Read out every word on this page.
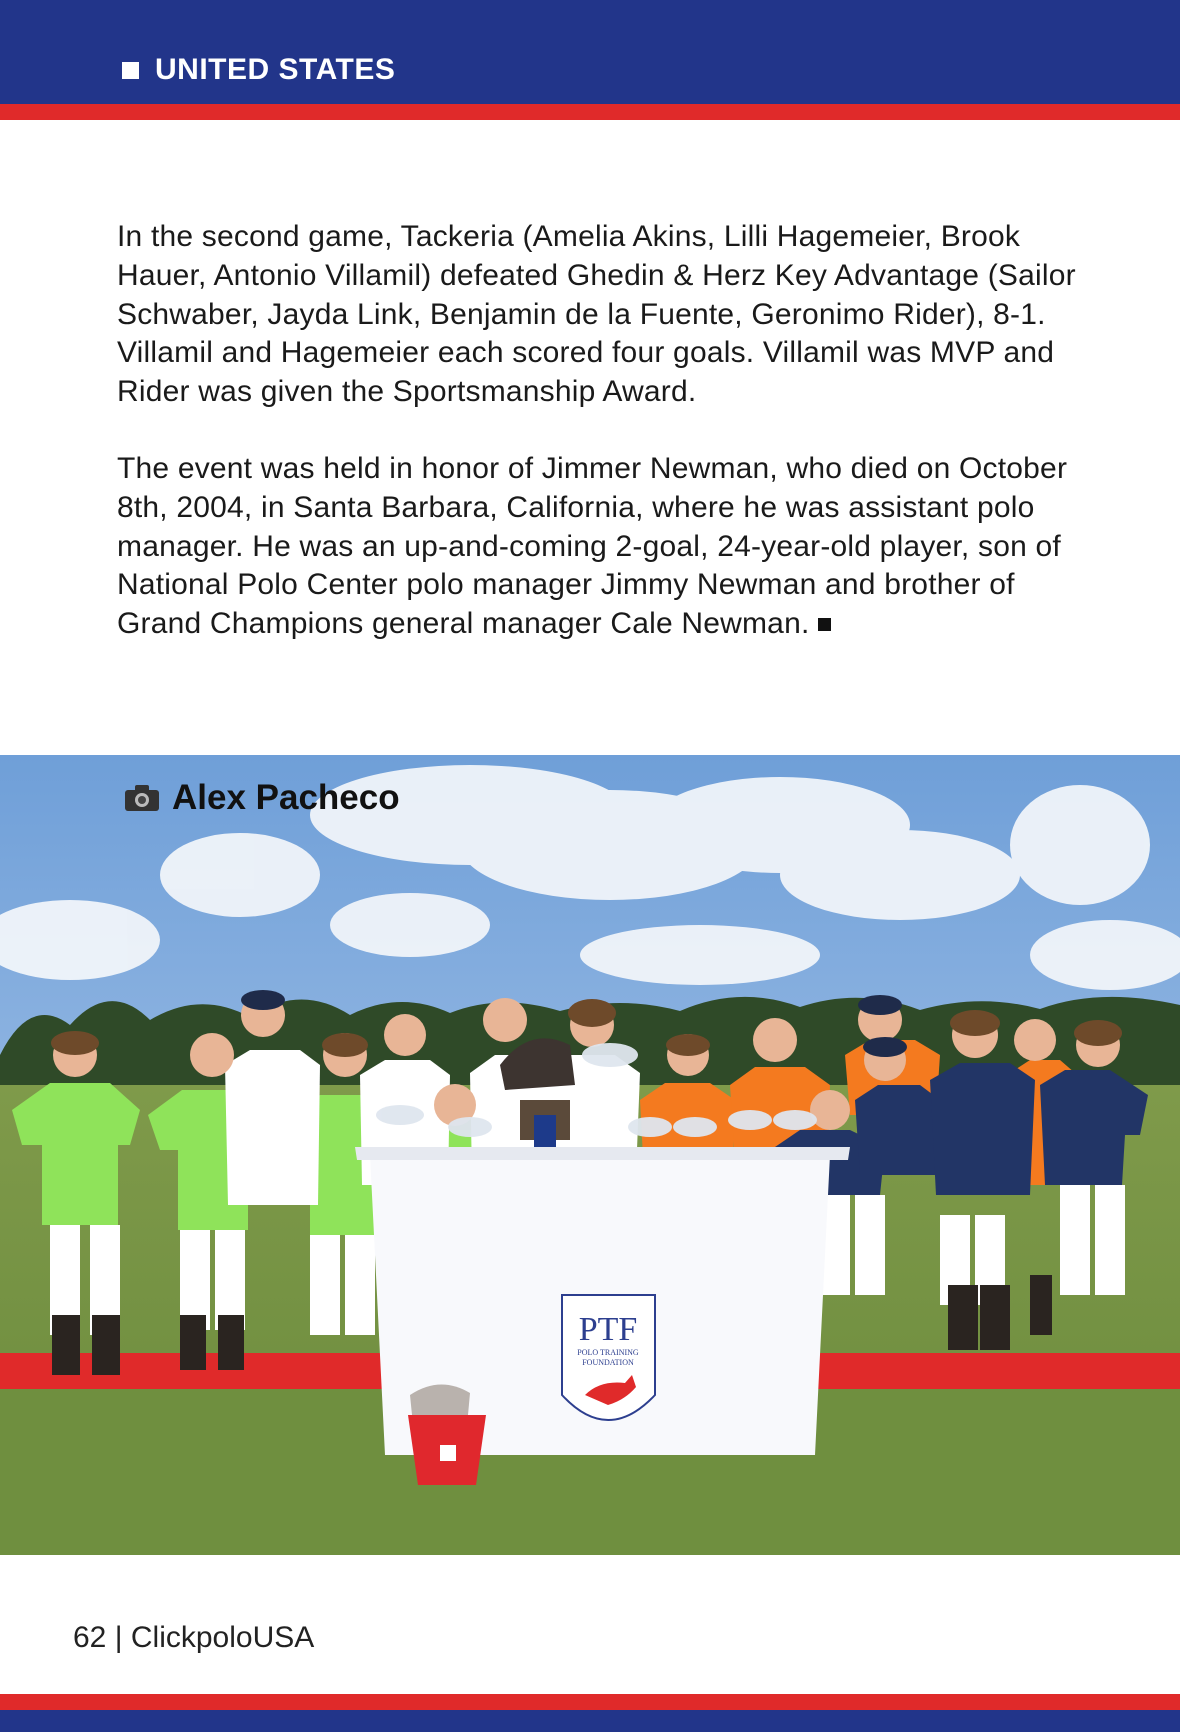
UNITED STATES

In the second game, Tackeria (Amelia Akins, Lilli Hagemeier, Brook Hauer, Antonio Villamil) defeated Ghedin & Herz Key Advantage (Sailor Schwaber, Jayda Link, Benjamin de la Fuente, Geronimo Rider), 8-1. Villamil and Hagemeier each scored four goals. Villamil was MVP and Rider was given the Sportsmanship Award.

The event was held in honor of Jimmer Newman, who died on October 8th, 2004, in Santa Barbara, California, where he was assistant polo manager. He was an up-and-coming 2-goal, 24-year-old player, son of National Polo Center polo manager Jimmy Newman and brother of Grand Champions general manager Cale Newman.

PTF
POLO TRAINING
FOUNDATION
Alex Pacheco
62 | ClickpoloUSA
